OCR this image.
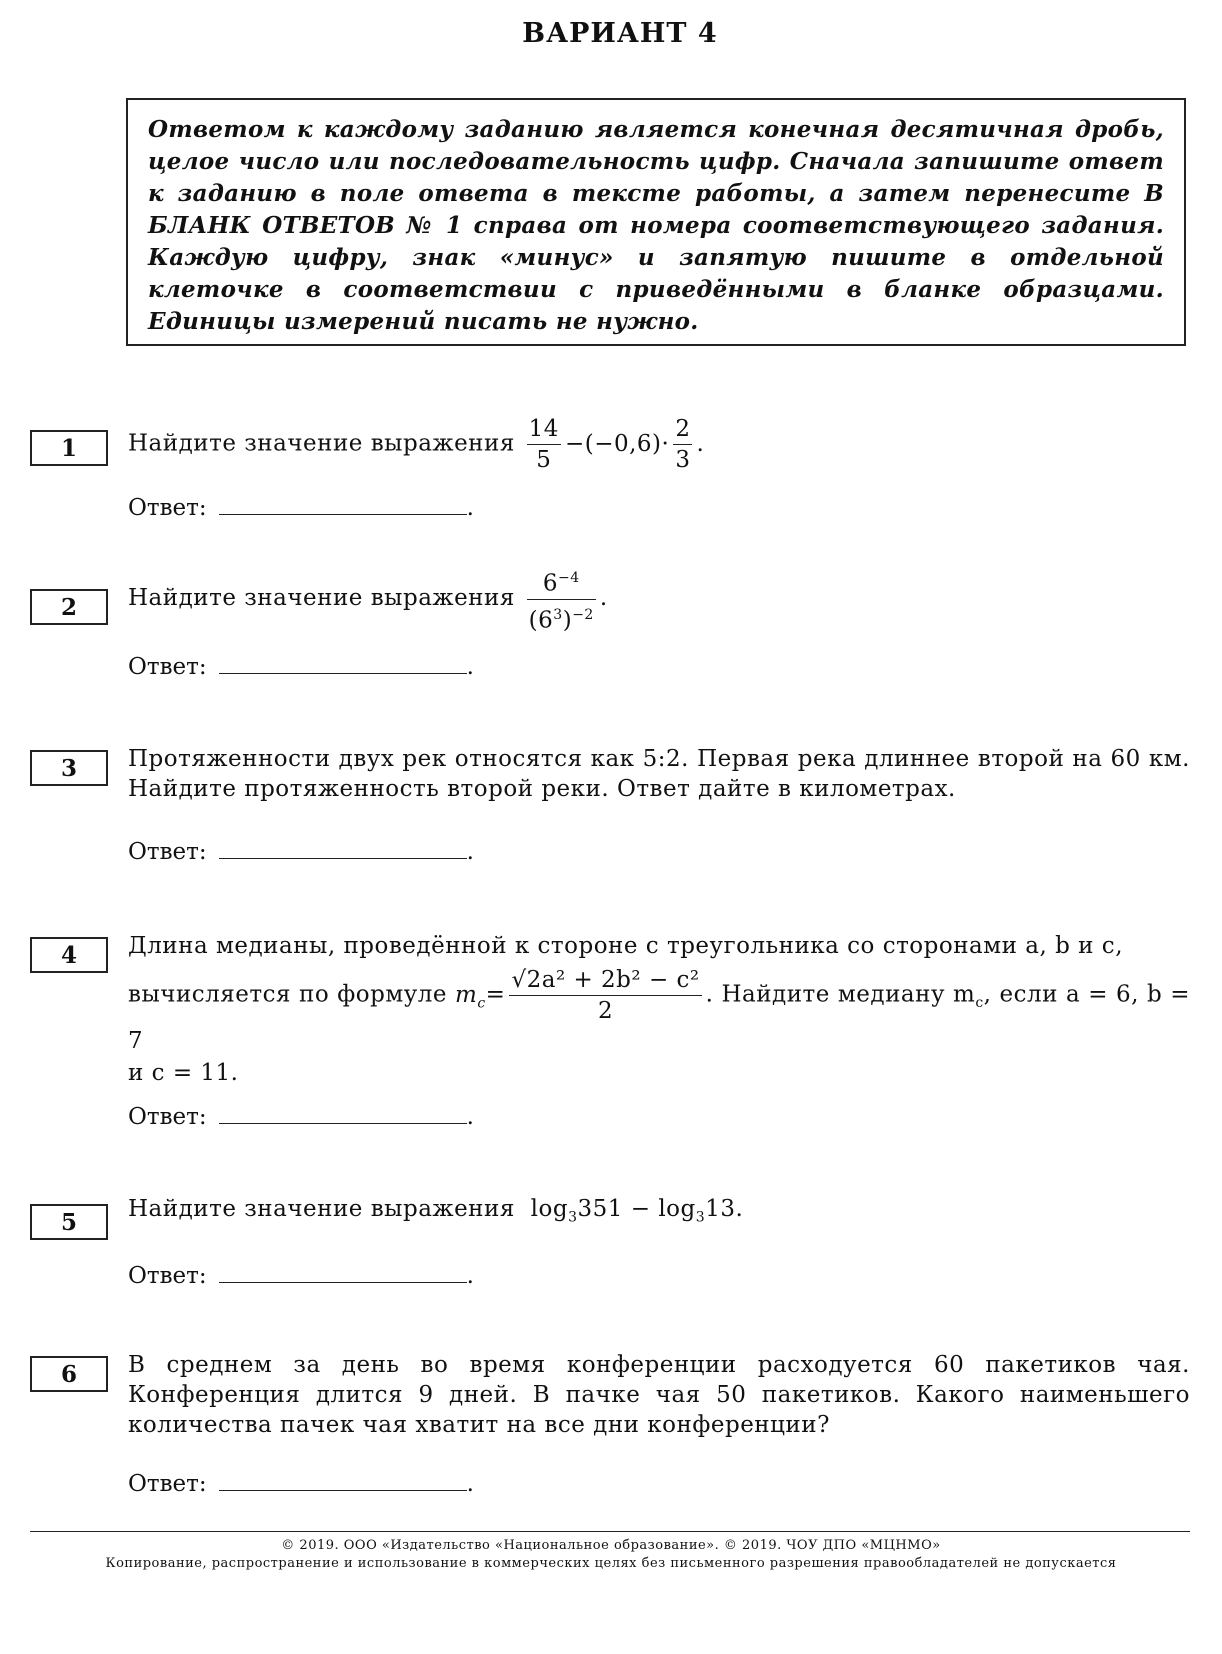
ВАРИАНТ 4

Ответом к каждому заданию является конечная десятичная дробь, целое число или последовательность цифр. Сначала запишите ответ к заданию в поле ответа в тексте работы, а затем перенесите В БЛАНК ОТВЕТОВ № 1 справа от номера соответствующего задания. Каждую цифру, знак «минус» и запятую пишите в отдельной клеточке в соответствии с приведёнными в бланке образцами. Единицы измерений писать не нужно.

1	Найдите значение выражения $\frac{14}{5} -(-0,6)\cdot \frac{2}{3}$ .
Ответ:	.
2	Найдите значение выражения $\frac{6^{-4}}{(6^3)^{-2}}$ .
Ответ:	.
3	Протяженности двух рек относятся как 5:2. Первая река длиннее второй на 60 км. Найдите протяженность второй реки. Ответ дайте в километрах.
Ответ:	.
4	Длина медианы, проведённой к стороне c треугольника со сторонами a, b и c,
вычисляется по формуле $m_c= \frac{\text{√2a² + 2b² − c²}}{2}$ . Найдите медиану $m_c$, если a = 6, b = 7
и c = 11.
Ответ:	.
5	Найдите значение выражения $\log_3351 - \log_313$.
Ответ:	.
6	В среднем за день во время конференции расходуется 60 пакетиков чая. Конференция длится 9 дней. В пачке чая 50 пакетиков. Какого наименьшего количества пачек чая хватит на все дни конференции?
Ответ:	.
© 2019. ООО «Издательство «Национальное образование». © 2019. ЧОУ ДПО «МЦНМО»
Копирование, распространение и использование в коммерческих целях без письменного разрешения правообладателей не допускается
